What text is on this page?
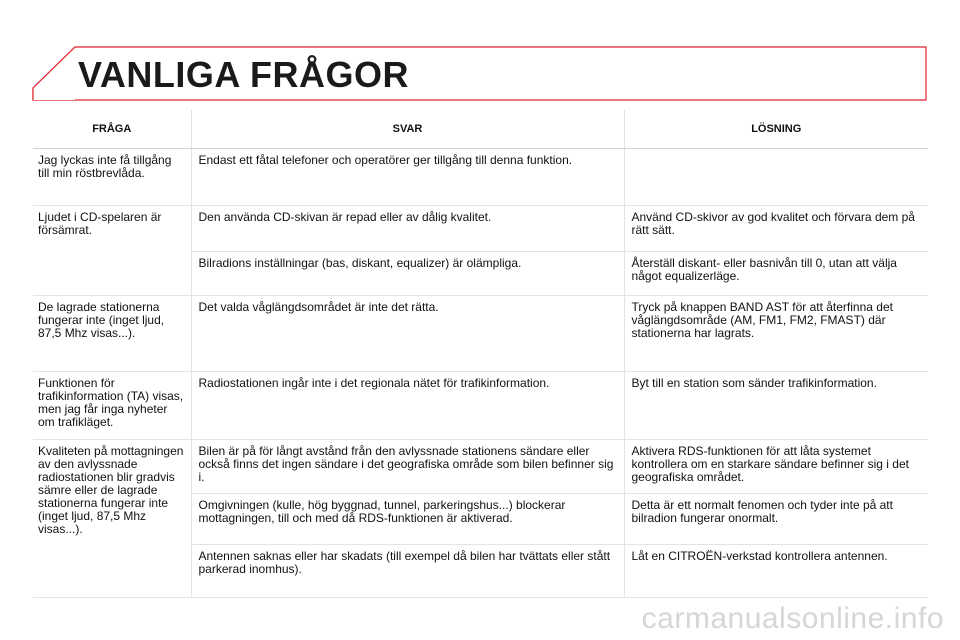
VANLIGA FRÅGOR
FRÅGA	SVAR	LÖSNING

Jag lyckas inte få tillgång till min röstbrevlåda.	Endast ett fåtal telefoner och operatörer ger tillgång till denna funktion.	

Ljudet i CD-spelaren är försämrat.	Den använda CD-skivan är repad eller av dålig kvalitet.	Använd CD-skivor av god kvalitet och förvara dem på rätt sätt.

	Bilradions inställningar (bas, diskant, equalizer) är olämpliga.	Återställ diskant- eller basnivån till 0, utan att välja något equalizerläge.

De lagrade stationerna fungerar inte (inget ljud, 87,5 Mhz visas...).	Det valda våglängdsområdet är inte det rätta.	Tryck på knappen BAND AST för att återfinna det våglängdsområde (AM, FM1, FM2, FMAST) där stationerna har lagrats.

Funktionen för trafikinformation (TA) visas, men jag får inga nyheter om trafikläget.	Radiostationen ingår inte i det regionala nätet för trafikinformation.	Byt till en station som sänder trafikinformation.

Kvaliteten på mottagningen av den avlyssnade radiostationen blir gradvis sämre eller de lagrade stationerna fungerar inte (inget ljud, 87,5 Mhz visas...).	Bilen är på för långt avstånd från den avlyssnade stationens sändare eller också finns det ingen sändare i det geografiska område som bilen befinner sig i.	Aktivera RDS-funktionen för att låta systemet kontrollera om en starkare sändare befinner sig i det geografiska området.

	Omgivningen (kulle, hög byggnad, tunnel, parkeringshus...) blockerar mottagningen, till och med då RDS-funktionen är aktiverad.	Detta är ett normalt fenomen och tyder inte på att bilradion fungerar onormalt.

	Antennen saknas eller har skadats (till exempel då bilen har tvättats eller stått parkerad inomhus).	Låt en CITROËN-verkstad kontrollera antennen.
carmanualsonline.info
